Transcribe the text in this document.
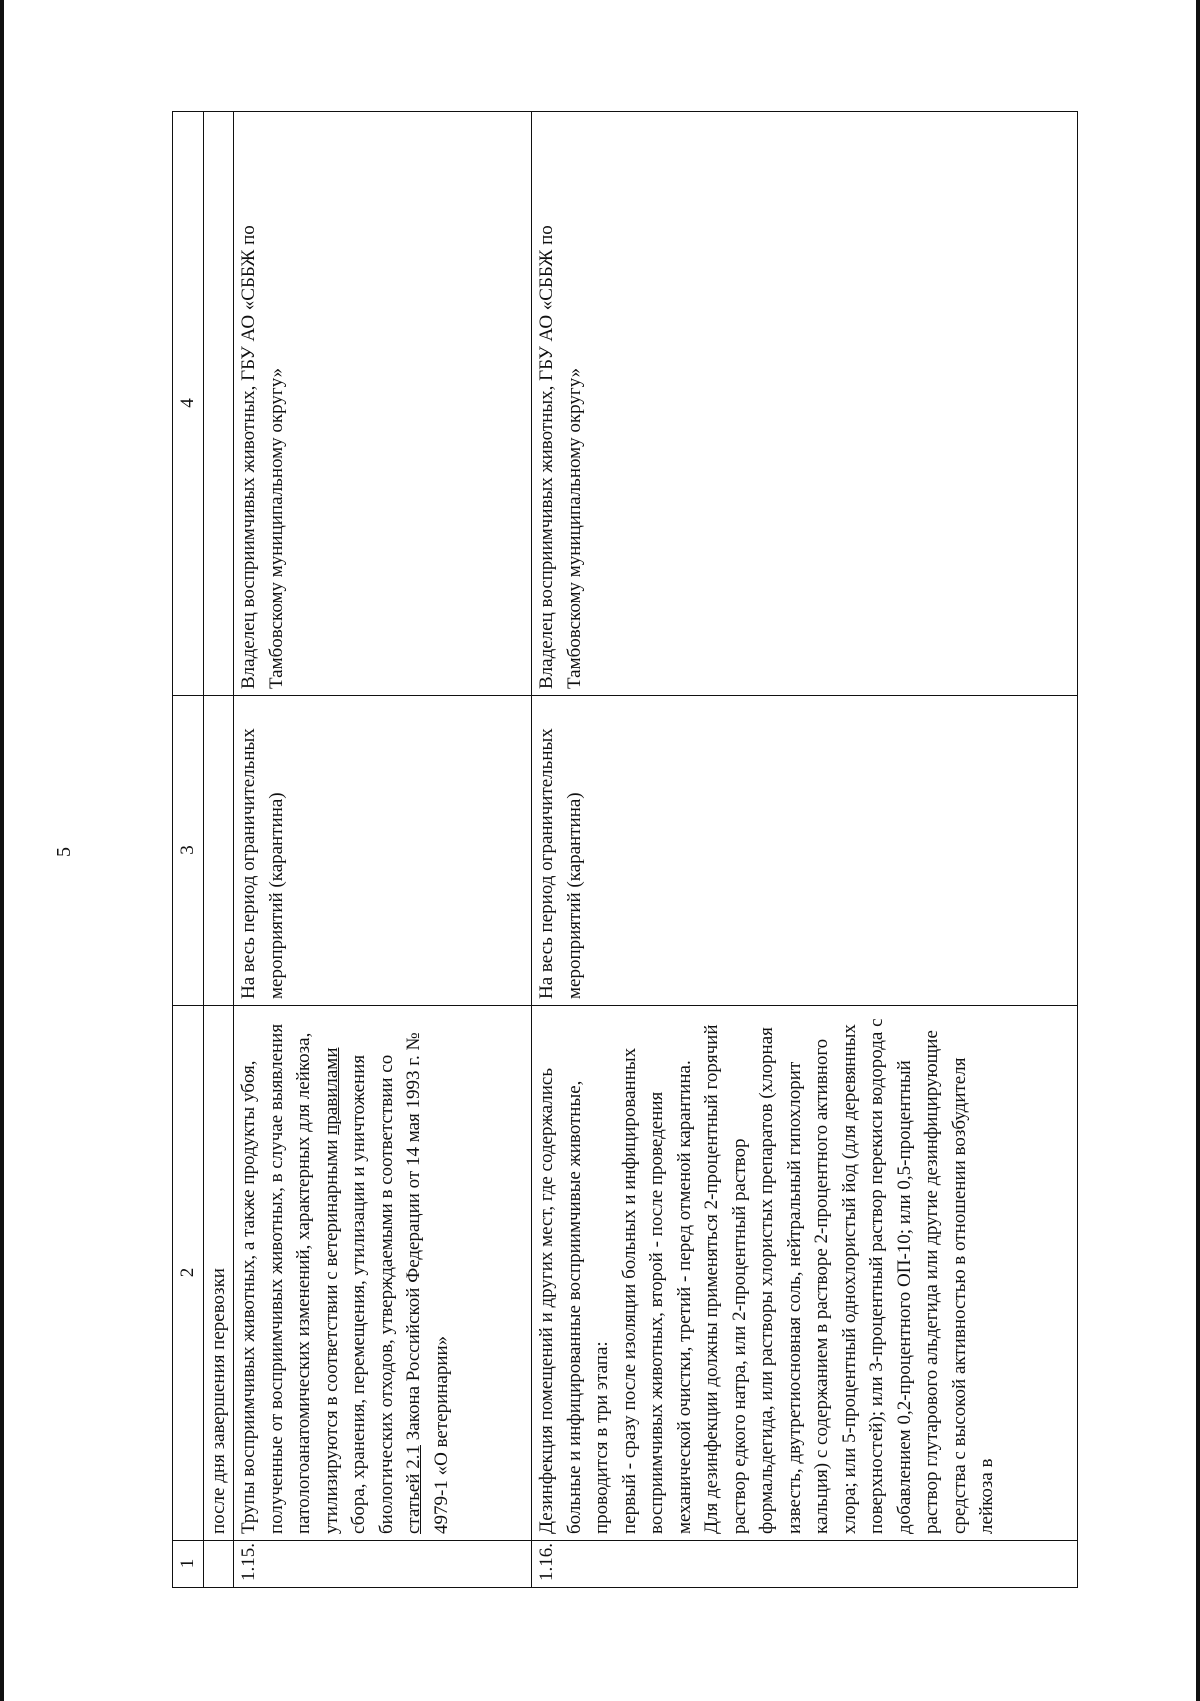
5
1	2	3	4
	после дня завершения перевозки		
1.15.	Трупы восприимчивых животных, а также продукты убоя, полученные от восприимчивых животных, в случае выявления патологоанатомических изменений, характерных для лейкоза, утилизируются в соответствии с ветеринарными правилами сбора, хранения, перемещения, утилизации и уничтожения биологических отходов, утверждаемыми в соответствии со статьей 2.1 Закона Российской Федерации от 14 мая 1993 г. № 4979-1 «О ветеринарии»	На весь период ограничительных мероприятий (карантина)	Владелец восприимчивых животных, ГБУ АО «СББЖ по Тамбовскому муниципальному округу»
1.16.	Дезинфекция помещений и других мест, где содержались больные и инфицированные восприимчивые животные, проводится в три этапа: первый - сразу после изоляции больных и инфицированных восприимчивых животных, второй - после проведения механической очистки, третий - перед отменой карантина. Для дезинфекции должны применяться 2-процентный горячий раствор едкого натра, или 2-процентный раствор формальдегида, или растворы хлористых препаратов (хлорная известь, двутретиосновная соль, нейтральный гипохлорит кальция) с содержанием в растворе 2-процентного активного хлора; или 5-процентный однохлористый йод (для деревянных поверхностей); или 3-процентный раствор перекиси водорода с добавлением 0,2-процентного ОП-10; или 0,5-процентный раствор глутарового альдегида или другие дезинфицирующие средства с высокой активностью в отношении возбудителя лейкоза в	На весь период ограничительных мероприятий (карантина)	Владелец восприимчивых животных, ГБУ АО «СББЖ по Тамбовскому муниципальному округу»
